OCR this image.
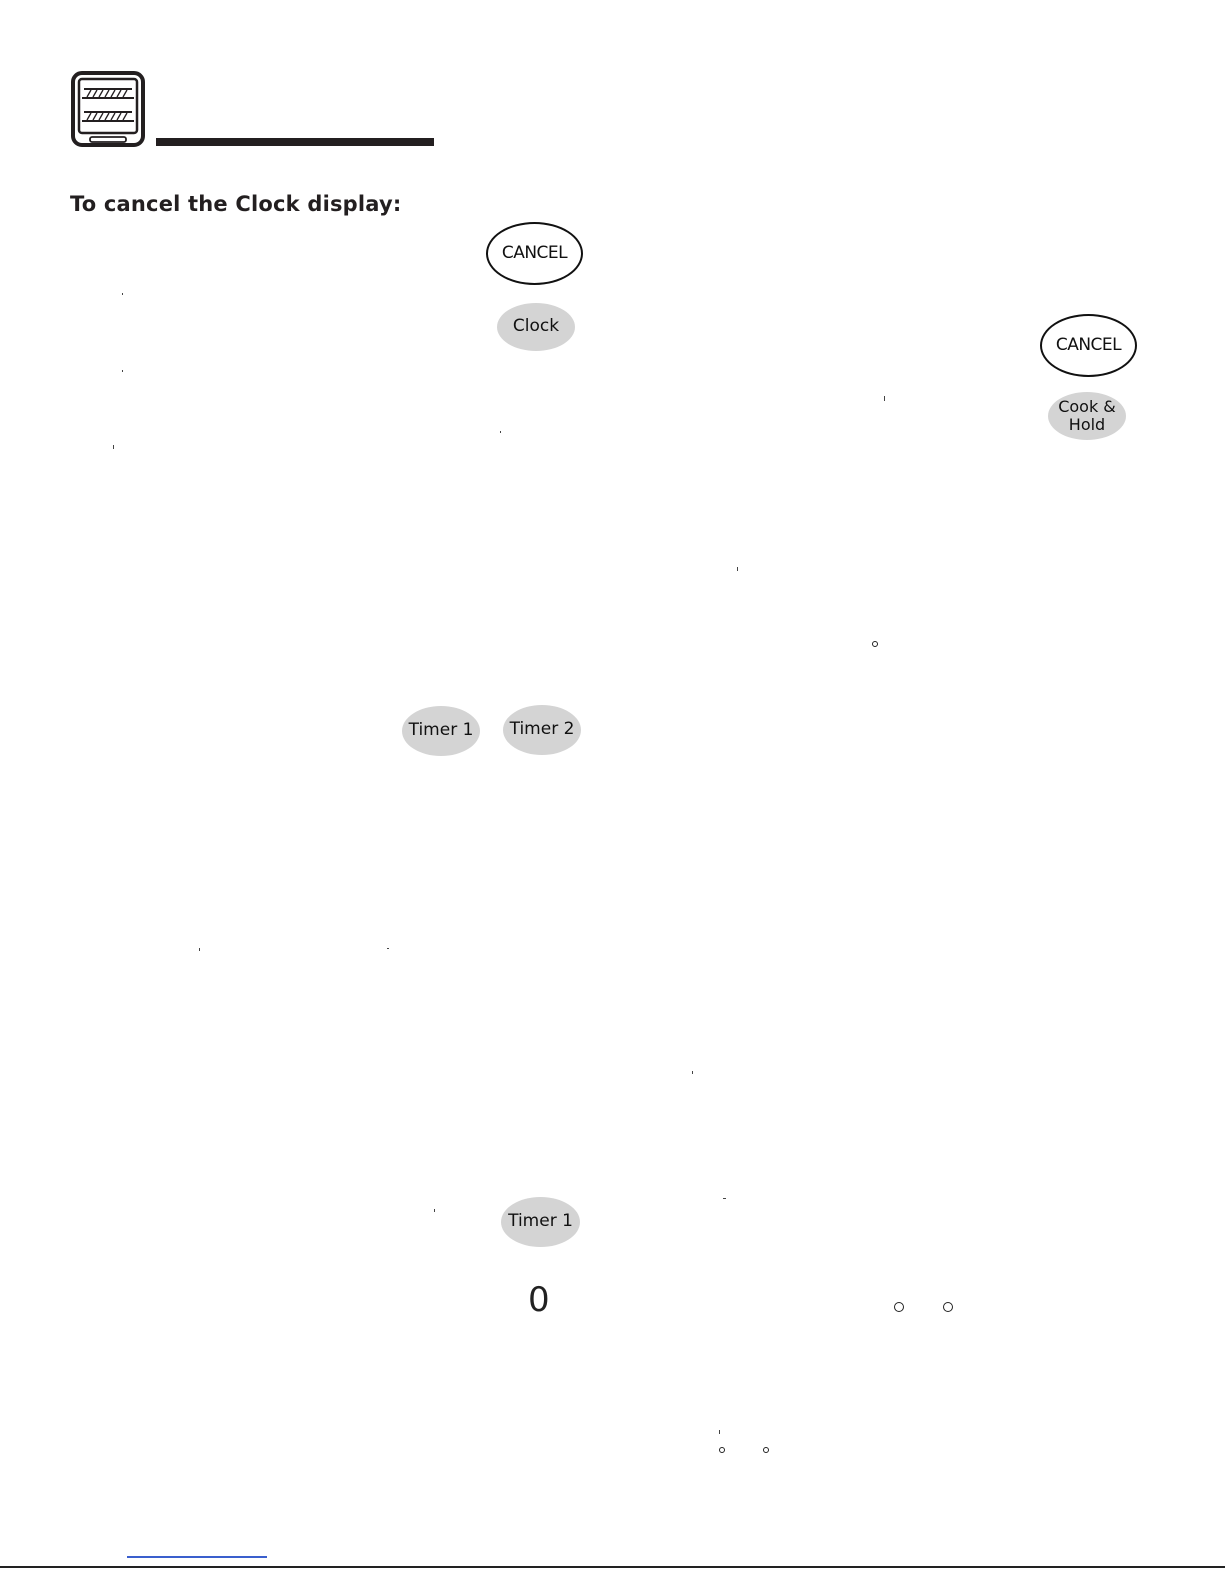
To cancel the Clock display:
CANCEL
Clock
Timer 1	Timer 2
Timer 1
0
CANCEL
Cook &
Hold
